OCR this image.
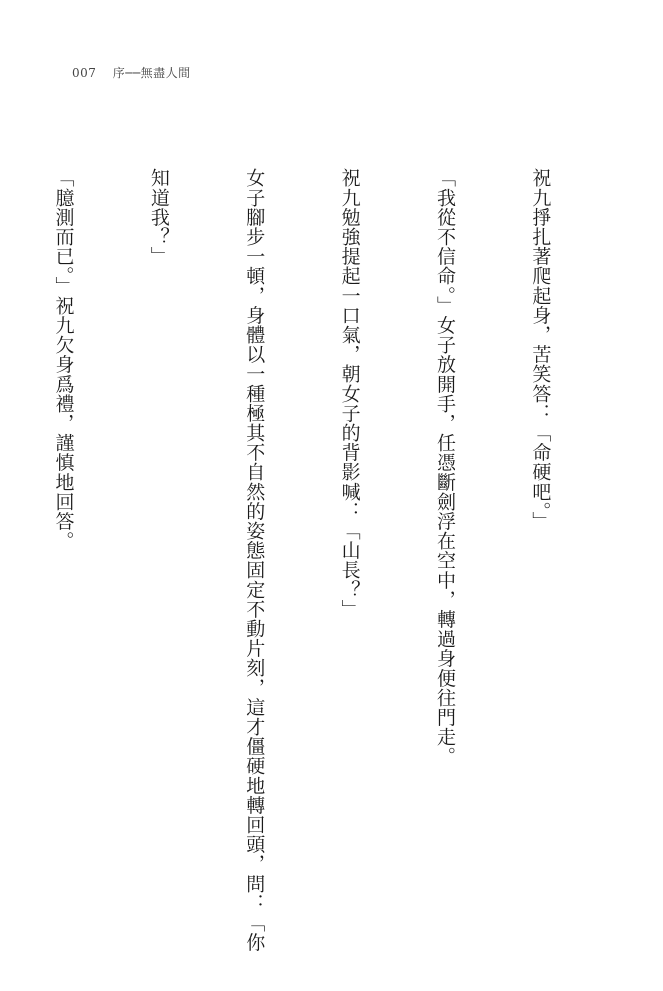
007 序──無盡人間

祝九掙扎著爬起身，苦笑答：「命硬吧。」

「我從不信命。」女子放開手，任憑斷劍浮在空中，轉過身便往門走。

祝九勉強提起一口氣，朝女子的背影喊：「山長？」

女子腳步一頓，身體以一種極其不自然的姿態固定不動片刻，這才僵硬地轉回頭，問：「你

知道我？」

「臆測而已。」祝九欠身爲禮，謹慎地回答。
